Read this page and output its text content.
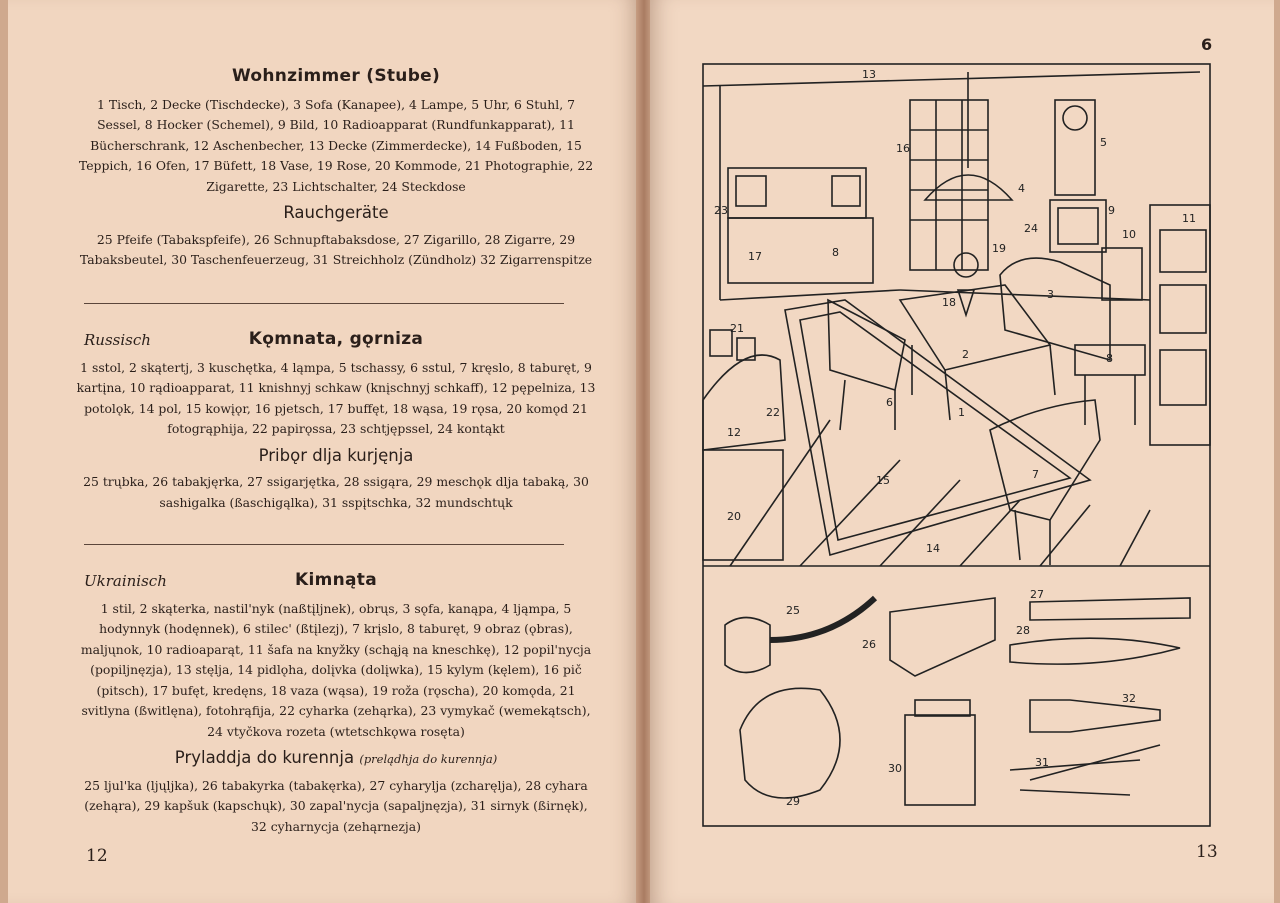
Wohnzimmer (Stube)

1 Tisch, 2 Decke (Tischdecke), 3 Sofa (Kanapee), 4 Lampe, 5 Uhr, 6 Stuhl, 7 Sessel, 8 Hocker (Schemel), 9 Bild, 10 Radioapparat (Rundfunkapparat), 11 Bücherschrank, 12 Aschenbecher, 13 Decke (Zimmerdecke), 14 Fußboden, 15 Teppich, 16 Ofen, 17 Büfett, 18 Vase, 19 Rose, 20 Kommode, 21 Photographie, 22 Zigarette, 23 Lichtschalter, 24 Steckdose

Rauchgeräte

25 Pfeife (Tabakspfeife), 26 Schnupftabaksdose, 27 Zigarillo, 28 Zigarre, 29 Tabaksbeutel, 30 Taschenfeuerzeug, 31 Streichholz (Zündholz) 32 Zigarrenspitze

Russisch	Kǫmnata, gǫrniza

1 sstol, 2 skątertj, 3 kuschętka, 4 ląmpa, 5 tschassy, 6 sstul, 7 kręslo, 8 taburęt, 9 kartįna, 10 rądioapparat, 11 knishnyj schkaw (knįschnyj schkaff), 12 pępelniza, 13 potolǫk, 14 pol, 15 kowįǫr, 16 pjetsch, 17 buffęt, 18 wąsa, 19 rǫsa, 20 komǫd 21 fotogrąphija, 22 papirǫssa, 23 schtjępssel, 24 kontąkt

Pribǫr dlja kurjęnja

25 trųbka, 26 tabakjęrka, 27 ssigarjętka, 28 ssigąra, 29 meschǫk dlja tabaką, 30 sashigalka (ßaschigąlka), 31 sspįtschka, 32 mundschtųk

Ukrainisch	Kimnąta

1 stil, 2 skąterka, nastil'nyk (naßtįljnek), obrųs, 3 sǫfa, kanąpa, 4 ljąmpa, 5 hodynnyk (hodęnnek), 6 stilec' (ßtįlezj), 7 krįslo, 8 taburęt, 9 obraz (ǫbras), maljųnok, 10 radioaparąt, 11 šafa na knyžky (schąją na kneschkę), 12 popil'nycja (popiljnęzja), 13 stęlja, 14 pidlǫha, dolįvka (dolįwka), 15 kylym (kęlem), 16 pič (pitsch), 17 bufęt, kredęns, 18 vaza (wąsa), 19 roža (rǫscha), 20 komǫda, 21 svitlyna (ßwitlęna), fotohrąfija, 22 cyharka (zehąrka), 23 vymykač (wemekątsch), 24 vtyčkova rozeta (wtetschkǫwa rosęta)

Pryladdja do kurennja (prelądhja do kurennja)

25 ljul'ka (ljųljka), 26 tabakyrka (tabakęrka), 27 cyharylja (zcharęlja), 28 cyhara (zehąra), 29 kapšuk (kapschųk), 30 zapal'nycja (sapaljnęzja), 31 sirnyk (ßirnęk), 32 cyharnycja (zehąrnezja)

12
6
13
13
16	5
4
23	9
11
24	10
19
17	8
3
18
21
2	8
6
1
22
12
7
15
20
14
25
27
28
26
32
30	31
29
